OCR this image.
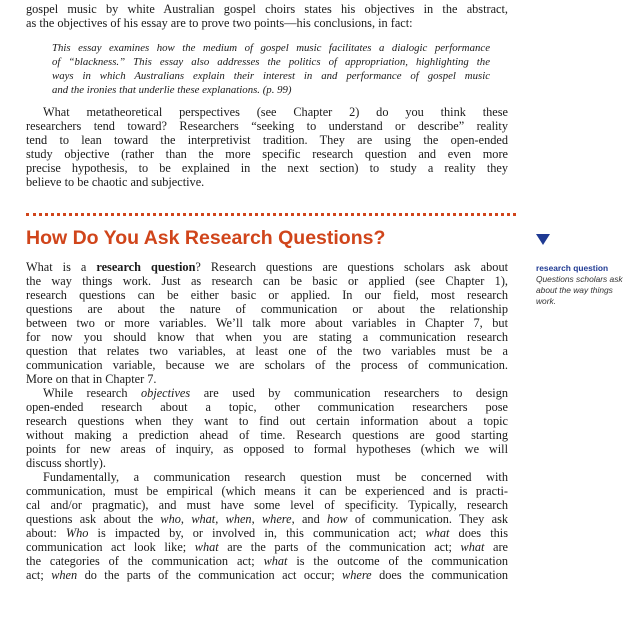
gospel music by white Australian gospel choirs states his objectives in the abstract,

as the objectives of his essay are to prove two points—his conclusions, in fact:

This essay examines how the medium of gospel music facilitates a dialogic performance

of “blackness.” This essay also addresses the politics of appropriation, highlighting the

ways in which Australians explain their interest in and performance of gospel music

and the ironies that underlie these explanations. (p. 99)

What metatheoretical perspectives (see Chapter 2) do you think these

researchers tend toward? Researchers “seeking to understand or describe” reality

tend to lean toward the interpretivist tradition. They are using the open-ended

study objective (rather than the more specific research question and even more

precise hypothesis, to be explained in the next section) to study a reality they

believe to be chaotic and subjective.

How Do You Ask Research Questions?

What is a research question? Research questions are questions scholars ask about

the way things work. Just as research can be basic or applied (see Chapter 1),

research questions can be either basic or applied. In our field, most research

questions are about the nature of communication or about the relationship

between two or more variables. We’ll talk more about variables in Chapter 7, but

for now you should know that when you are stating a communication research

question that relates two variables, at least one of the two variables must be a

communication variable, because we are scholars of the process of communication.

More on that in Chapter 7.

While research objectives are used by communication researchers to design

open-ended research about a topic, other communication researchers pose

research questions when they want to find out certain information about a topic

without making a prediction ahead of time. Research questions are good starting

points for new areas of inquiry, as opposed to formal hypotheses (which we will

discuss shortly).

Fundamentally, a communication research question must be concerned with

communication, must be empirical (which means it can be experienced and is practi-

cal and/or pragmatic), and must have some level of specificity. Typically, research

questions ask about the who, what, when, where, and how of communication. They ask

about: Who is impacted by, or involved in, this communication act; what does this

communication act look like; what are the parts of the communication act; what are

the categories of the communication act; what is the outcome of the communication

act; when do the parts of the communication act occur; where does the communication

research question
Questions scholars ask
about the way things
work.
